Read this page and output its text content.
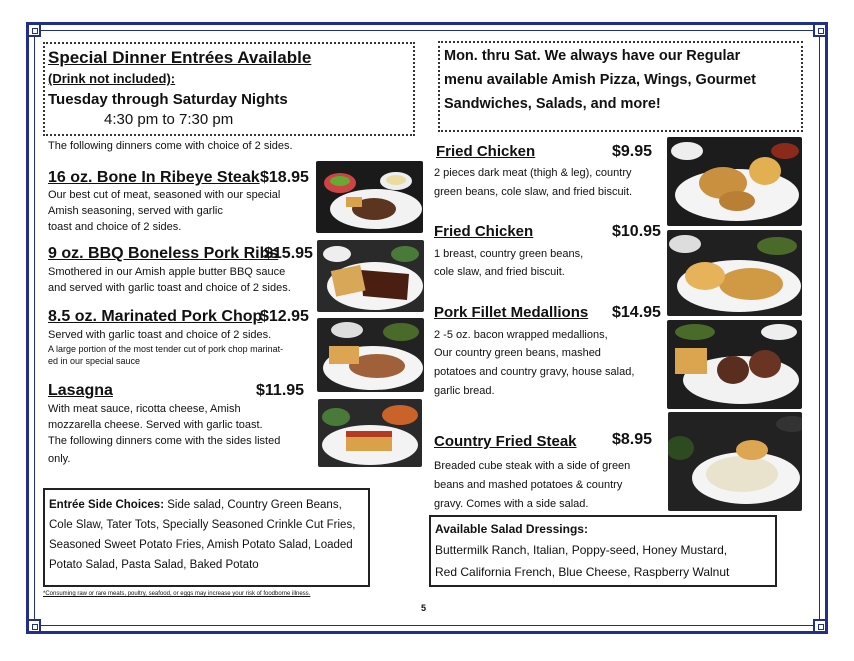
Special Dinner Entrées Available
(Drink not included):
Tuesday through Saturday Nights
4:30 pm to 7:30 pm
The following dinners come with choice of 2 sides.
16 oz. Bone In Ribeye Steak $18.95
Our best cut of meat, seasoned with our special
Amish seasoning, served with garlic
toast and choice of 2 sides.
9 oz. BBQ Boneless Pork Ribs
$15.95
Smothered in our Amish apple butter BBQ sauce
and served with garlic toast and choice of 2 sides.
8.5 oz. Marinated Pork Chop
$12.95
Served with garlic toast and choice of 2 sides.
A large portion of the most tender cut of pork chop marinat-
ed in our special sauce
Lasagna	$11.95
With meat sauce, ricotta cheese, Amish
mozzarella cheese. Served with garlic toast.
The following dinners come with the sides listed
only.
Entrée Side Choices: Side salad, Country Green Beans,
Cole Slaw, Tater Tots, Specially Seasoned Crinkle Cut Fries,
Seasoned Sweet Potato Fries, Amish Potato Salad, Loaded
Potato Salad, Pasta Salad, Baked Potato
*Consuming raw or rare meats, poultry, seafood, or eggs may increase your risk of foodborne illness.
5
Mon. thru Sat. We always have our Regular
menu available Amish Pizza, Wings, Gourmet
Sandwiches, Salads, and more!
Fried Chicken	$9.95
2 pieces dark meat (thigh & leg), country
green beans, cole slaw, and fried biscuit.
Fried Chicken	$10.95
1 breast, country green beans,
cole slaw, and fried biscuit.
Pork Fillet Medallions $14.95
2 -5 oz. bacon wrapped medallions,
Our country green beans, mashed
potatoes and country gravy, house salad,
garlic bread.
Country Fried Steak $8.95
Breaded cube steak with a side of green
beans and mashed potatoes & country
gravy. Comes with a side salad.
Available Salad Dressings:
Buttermilk Ranch, Italian, Poppy-seed, Honey Mustard,
Red California French, Blue Cheese, Raspberry Walnut
